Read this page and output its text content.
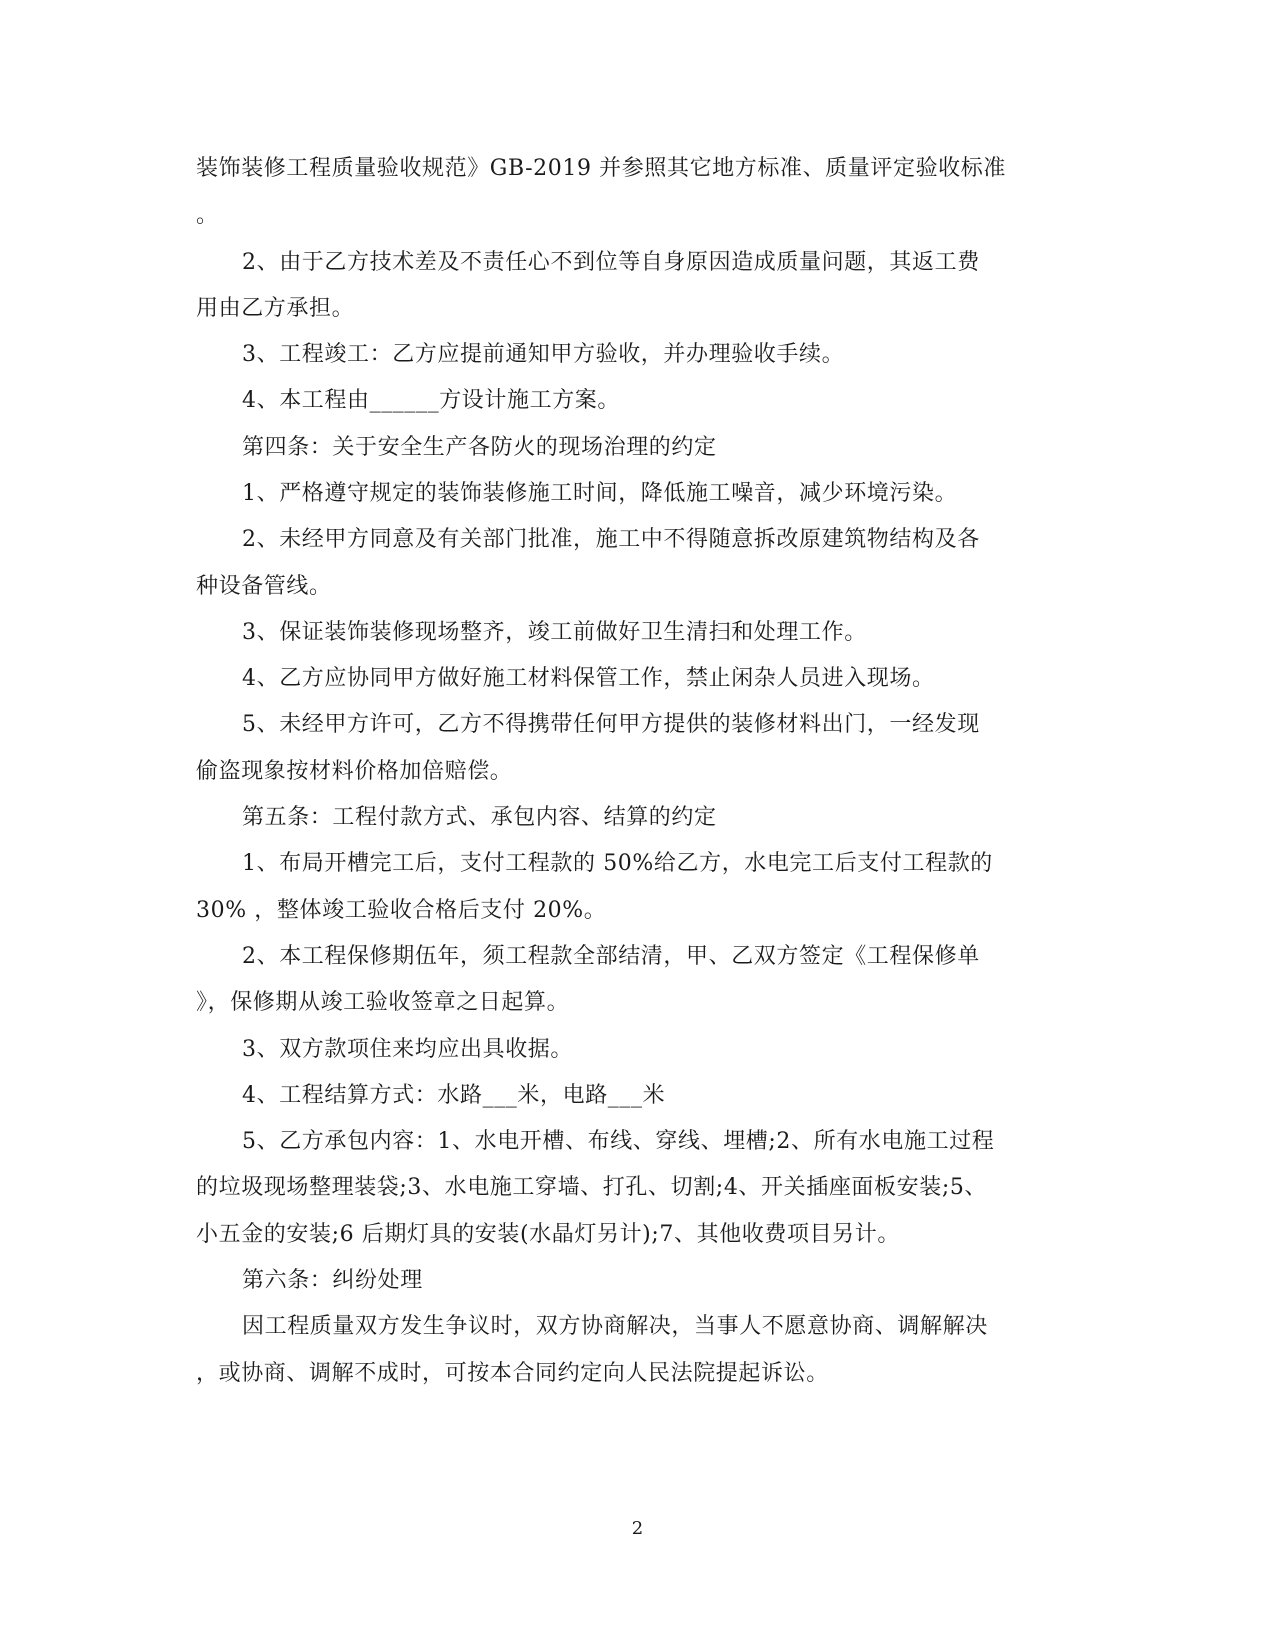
装饰装修工程质量验收规范》GB-2019 并参照其它地方标准、质量评定验收标准
。
2、由于乙方技术差及不责任心不到位等自身原因造成质量问题，其返工费
用由乙方承担。
3、工程竣工：乙方应提前通知甲方验收，并办理验收手续。
4、本工程由______方设计施工方案。
第四条：关于安全生产各防火的现场治理的约定
1、严格遵守规定的装饰装修施工时间，降低施工噪音，减少环境污染。
2、未经甲方同意及有关部门批准，施工中不得随意拆改原建筑物结构及各
种设备管线。
3、保证装饰装修现场整齐，竣工前做好卫生清扫和处理工作。
4、乙方应协同甲方做好施工材料保管工作，禁止闲杂人员进入现场。
5、未经甲方许可，乙方不得携带任何甲方提供的装修材料出门，一经发现
偷盗现象按材料价格加倍赔偿。
第五条：工程付款方式、承包内容、结算的约定
1、布局开槽完工后，支付工程款的 50%给乙方，水电完工后支付工程款的
30% ，整体竣工验收合格后支付 20%。
2、本工程保修期伍年，须工程款全部结清，甲、乙双方签定《工程保修单
》，保修期从竣工验收签章之日起算。
3、双方款项住来均应出具收据。
4、工程结算方式：水路___米，电路___米
5、乙方承包内容：1、水电开槽、布线、穿线、埋槽;2、所有水电施工过程
的垃圾现场整理装袋;3、水电施工穿墙、打孔、切割;4、开关插座面板安装;5、
小五金的安装;6 后期灯具的安装(水晶灯另计);7、其他收费项目另计。
第六条：纠纷处理
因工程质量双方发生争议时，双方协商解决，当事人不愿意协商、调解解决
，或协商、调解不成时，可按本合同约定向人民法院提起诉讼。
2
